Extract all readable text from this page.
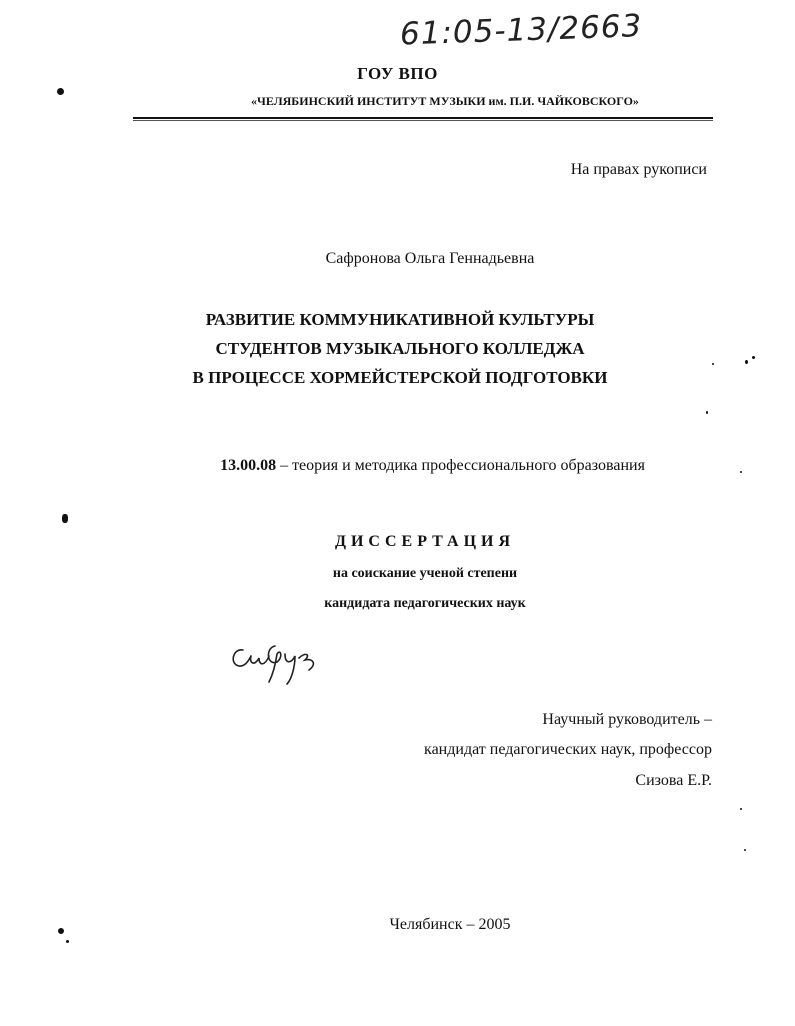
61:05-13/2663
ГОУ ВПО
«ЧЕЛЯБИНСКИЙ ИНСТИТУТ МУЗЫКИ им. П.И. ЧАЙКОВСКОГО»
На правах рукописи
Сафронова Ольга Геннадьевна
РАЗВИТИЕ КОММУНИКАТИВНОЙ КУЛЬТУРЫ
СТУДЕНТОВ МУЗЫКАЛЬНОГО КОЛЛЕДЖА
В ПРОЦЕССЕ ХОРМЕЙСТЕРСКОЙ ПОДГОТОВКИ
13.00.08 – теория и методика профессионального образования
ДИССЕРТАЦИЯ
на соискание ученой степени
кандидата педагогических наук
Научный руководитель –
кандидат педагогических наук, профессор
Сизова Е.Р.
Челябинск – 2005
